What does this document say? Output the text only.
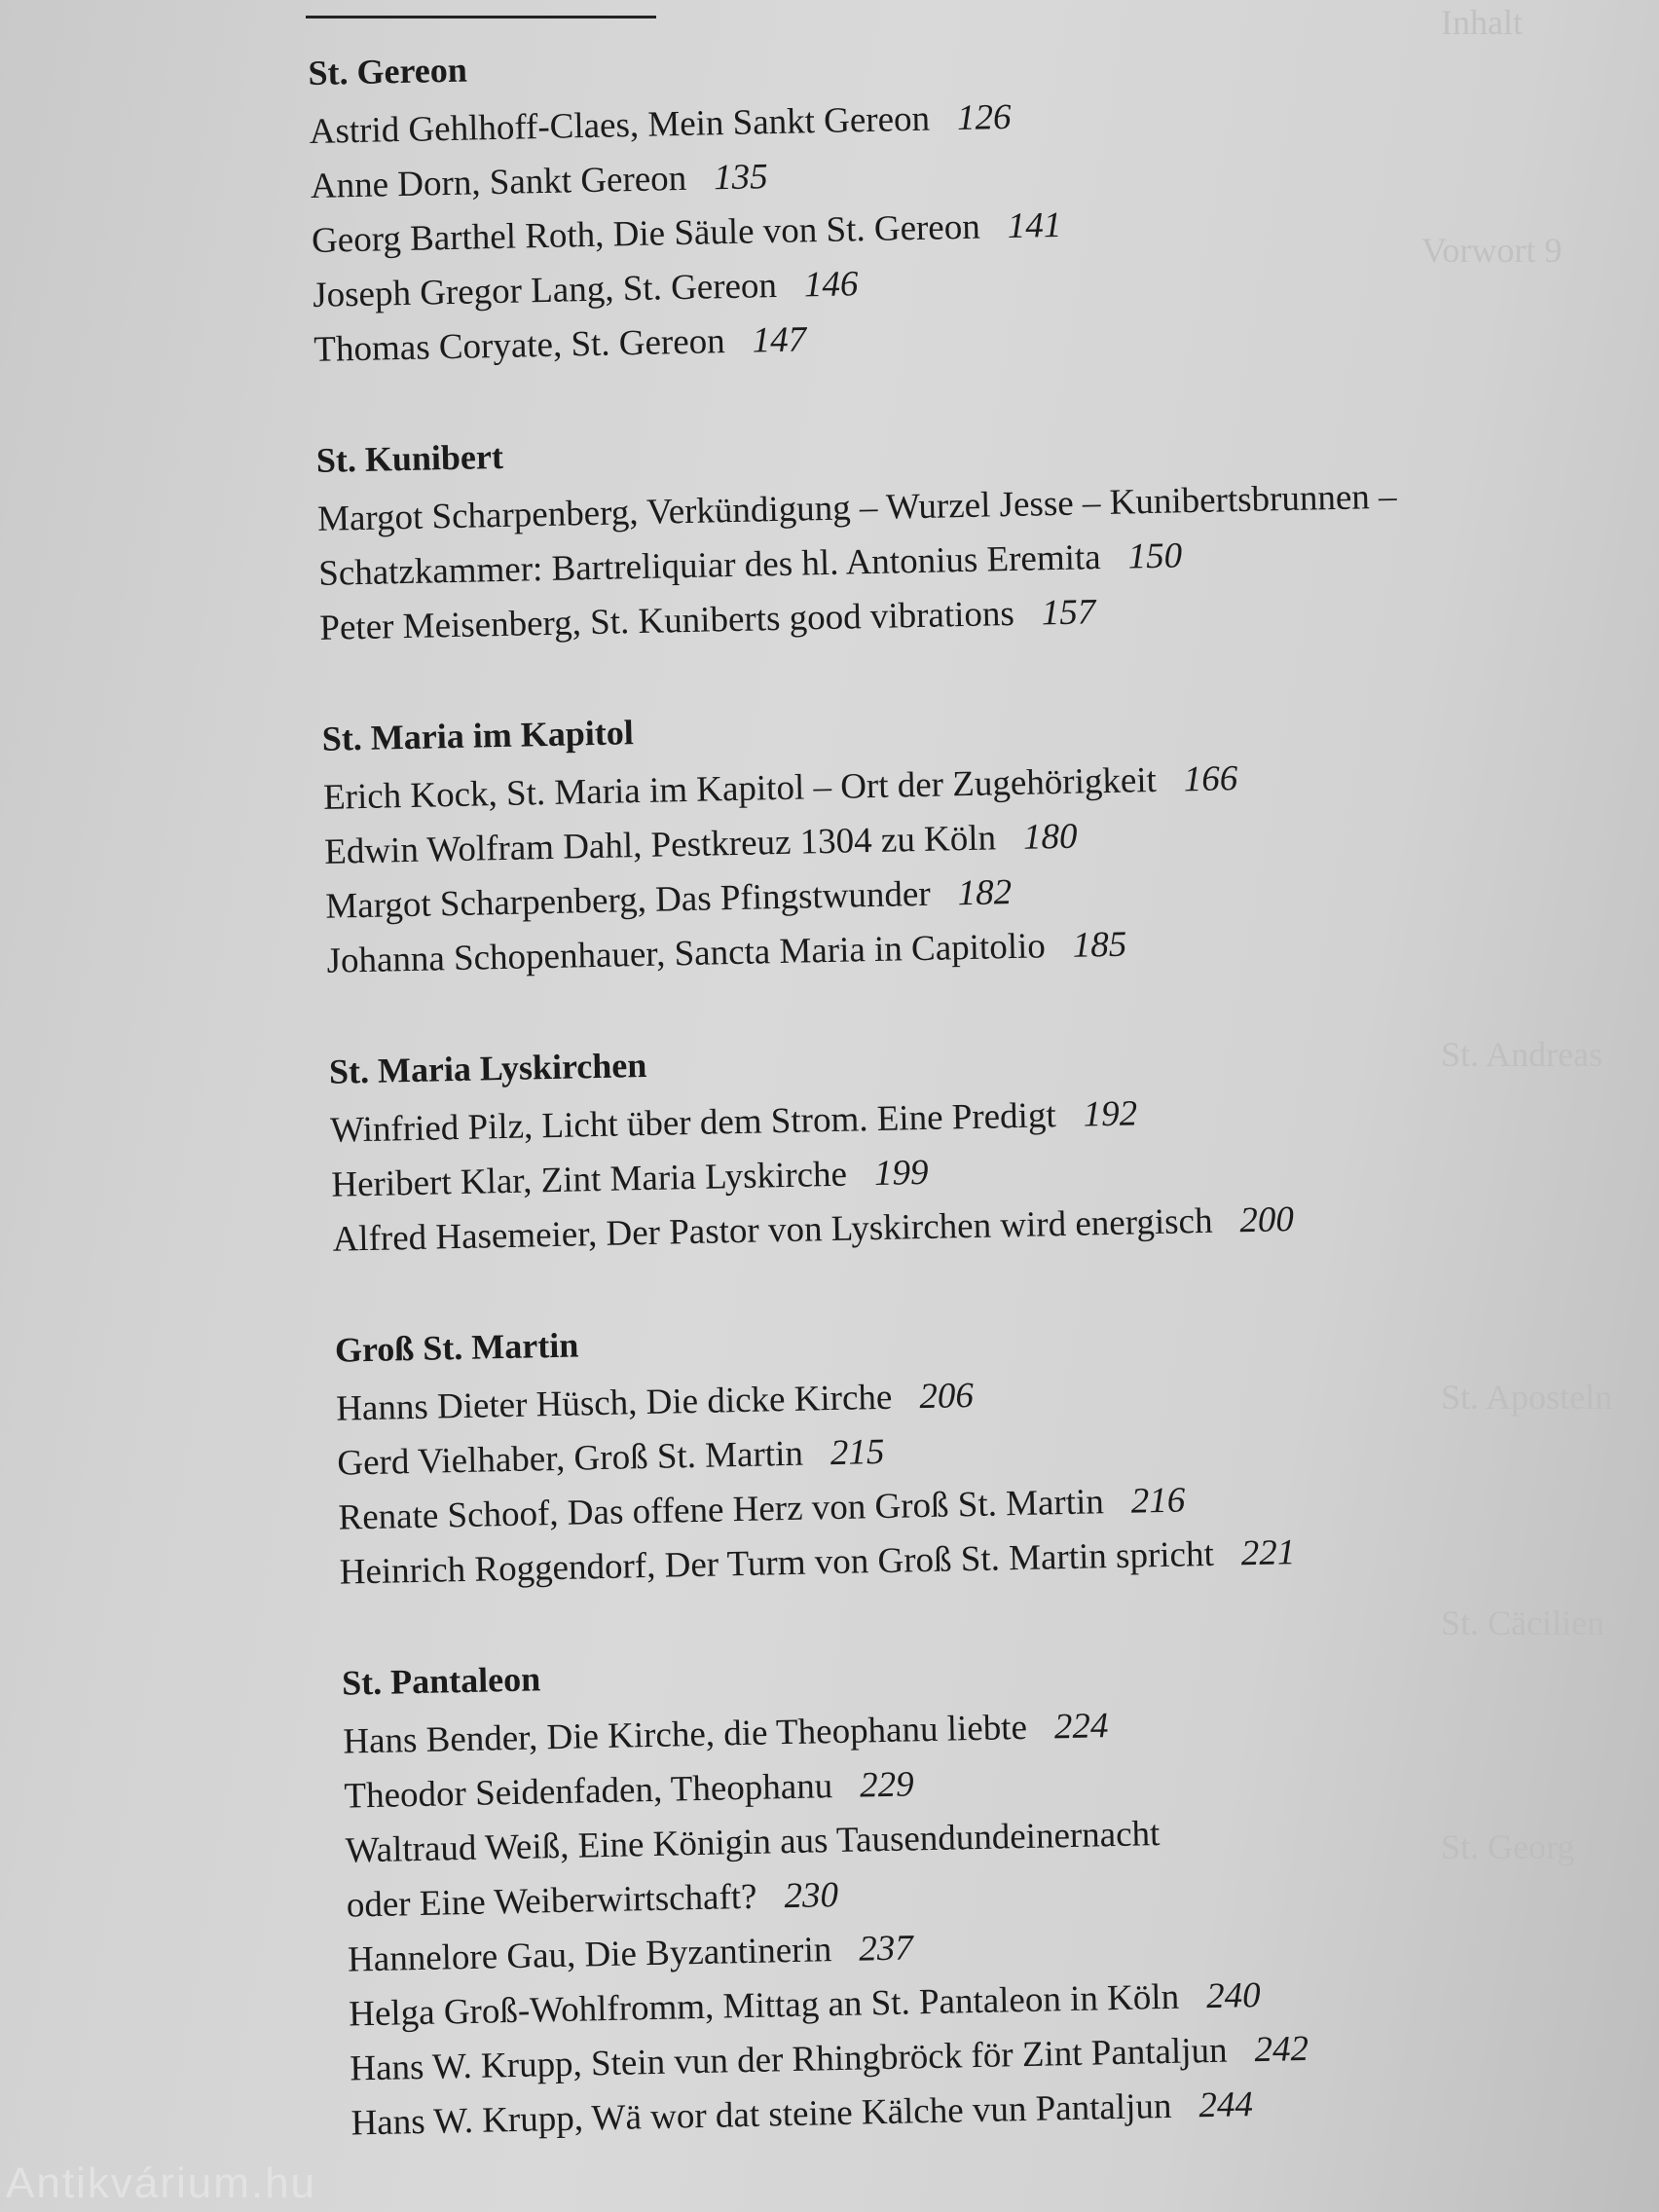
Inhalt
Vorwort 9
St. Andreas
St. Aposteln
St. Cäcilien
St. Georg
St. Gereon
Astrid Gehlhoff-Claes, Mein Sankt Gereon 126
Anne Dorn, Sankt Gereon 135
Georg Barthel Roth, Die Säule von St. Gereon 141
Joseph Gregor Lang, St. Gereon 146
Thomas Coryate, St. Gereon 147
St. Kunibert
Margot Scharpenberg, Verkündigung – Wurzel Jesse – Kunibertsbrunnen –
Schatzkammer: Bartreliquiar des hl. Antonius Eremita 150
Peter Meisenberg, St. Kuniberts good vibrations 157
St. Maria im Kapitol
Erich Kock, St. Maria im Kapitol – Ort der Zugehörigkeit 166
Edwin Wolfram Dahl, Pestkreuz 1304 zu Köln 180
Margot Scharpenberg, Das Pfingstwunder 182
Johanna Schopenhauer, Sancta Maria in Capitolio 185
St. Maria Lyskirchen
Winfried Pilz, Licht über dem Strom. Eine Predigt 192
Heribert Klar, Zint Maria Lyskirche 199
Alfred Hasemeier, Der Pastor von Lyskirchen wird energisch 200
Groß St. Martin
Hanns Dieter Hüsch, Die dicke Kirche 206
Gerd Vielhaber, Groß St. Martin 215
Renate Schoof, Das offene Herz von Groß St. Martin 216
Heinrich Roggendorf, Der Turm von Groß St. Martin spricht 221
St. Pantaleon
Hans Bender, Die Kirche, die Theophanu liebte 224
Theodor Seidenfaden, Theophanu 229
Waltraud Weiß, Eine Königin aus Tausendundeinernacht
oder Eine Weiberwirtschaft? 230
Hannelore Gau, Die Byzantinerin 237
Helga Groß-Wohlfromm, Mittag an St. Pantaleon in Köln 240
Hans W. Krupp, Stein vun der Rhingbröck för Zint Pantaljun 242
Hans W. Krupp, Wä wor dat steine Kälche vun Pantaljun 244
Antikvárium.hu
